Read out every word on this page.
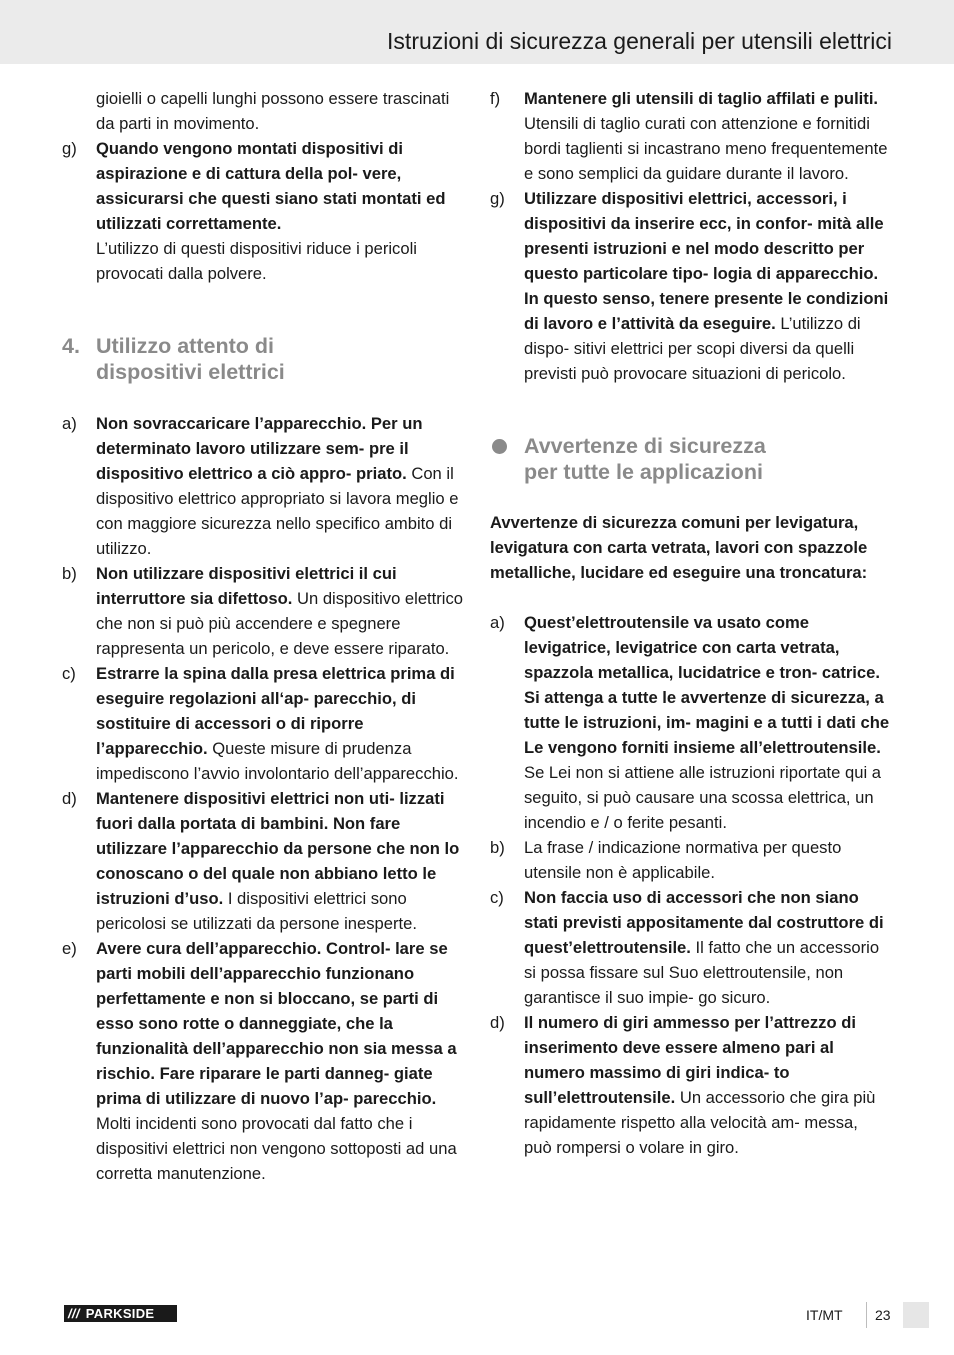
Istruzioni di sicurezza generali per utensili elettrici
gioielli o capelli lunghi possono essere trascinati da parti in movimento.
g)	Quando vengono montati dispositivi di aspirazione e di cattura della pol- vere, assicurarsi che questi siano stati montati ed utilizzati correttamente.
L’utilizzo di questi dispositivi riduce i pericoli provocati dalla polvere.
4. Utilizzo attento di
dispositivi elettrici
a)	Non sovraccaricare l’apparecchio. Per un determinato lavoro utilizzare sem- pre il dispositivo elettrico a ciò appro- priato. Con il dispositivo elettrico appropriato si lavora meglio e con maggiore sicurezza nello specifico ambito di utilizzo.
b)	Non utilizzare dispositivi elettrici il cui interruttore sia difettoso. Un dispositivo elettrico che non si può più accendere e spegnere rappresenta un pericolo, e deve essere riparato.
c)	Estrarre la spina dalla presa elettrica prima di eseguire regolazioni all‘ap- parecchio, di sostituire di accessori o di riporre l’apparecchio. Queste misure di prudenza impediscono l’avvio involontario dell’apparecchio.
d)	Mantenere dispositivi elettrici non uti- lizzati fuori dalla portata di bambini. Non fare utilizzare l’apparecchio da persone che non lo conoscano o del quale non abbiano letto le istruzioni d’uso. I dispositivi elettrici sono pericolosi se utilizzati da persone inesperte.
e)	Avere cura dell’apparecchio. Control- lare se parti mobili dell’apparecchio funzionano perfettamente e non si bloccano, se parti di esso sono rotte o danneggiate, che la funzionalità dell’apparecchio non sia messa a rischio. Fare riparare le parti danneg- giate prima di utilizzare di nuovo l’ap- parecchio. Molti incidenti sono provocati dal fatto che i dispositivi elettrici non vengono sottoposti ad una corretta manutenzione.
f)	Mantenere gli utensili di taglio affilati e puliti. Utensili di taglio curati con attenzione e fornitidi bordi taglienti si incastrano meno frequentemente e sono semplici da guidare durante il lavoro.
g)	Utilizzare dispositivi elettrici, accessori, i dispositivi da inserire ecc, in confor- mità alle presenti istruzioni e nel modo descritto per questo particolare tipo- logia di apparecchio. In questo senso, tenere presente le condizioni di lavoro e l’attività da eseguire. L’utilizzo di dispo- sitivi elettrici per scopi diversi da quelli previsti può provocare situazioni di pericolo.
Avvertenze di sicurezza
per tutte le applicazioni
Avvertenze di sicurezza comuni per levigatura, levigatura con carta vetrata, lavori con spazzole metalliche, lucidare ed eseguire una troncatura:
a)	Quest’elettroutensile va usato come levigatrice, levigatrice con carta vetrata, spazzola metallica, lucidatrice e tron- catrice. Si attenga a tutte le avvertenze di sicurezza, a tutte le istruzioni, im- magini e a tutti i dati che Le vengono forniti insieme all’elettroutensile. Se Lei non si attiene alle istruzioni riportate qui a seguito, si può causare una scossa elettrica, un incendio e / o ferite pesanti.
b)	La frase / indicazione normativa per questo utensile non è applicabile.
c)	Non faccia uso di accessori che non siano stati previsti appositamente dal costruttore di quest’elettroutensile. Il fatto che un accessorio si possa fissare sul Suo elettroutensile, non garantisce il suo impie- go sicuro.
d)	Il numero di giri ammesso per l’attrezzo di inserimento deve essere almeno pari al numero massimo di giri indica- to sull’elettroutensile. Un accessorio che gira più rapidamente rispetto alla velocità am- messa, può rompersi o volare in giro.
/// PARKSIDE	IT/MT 23
